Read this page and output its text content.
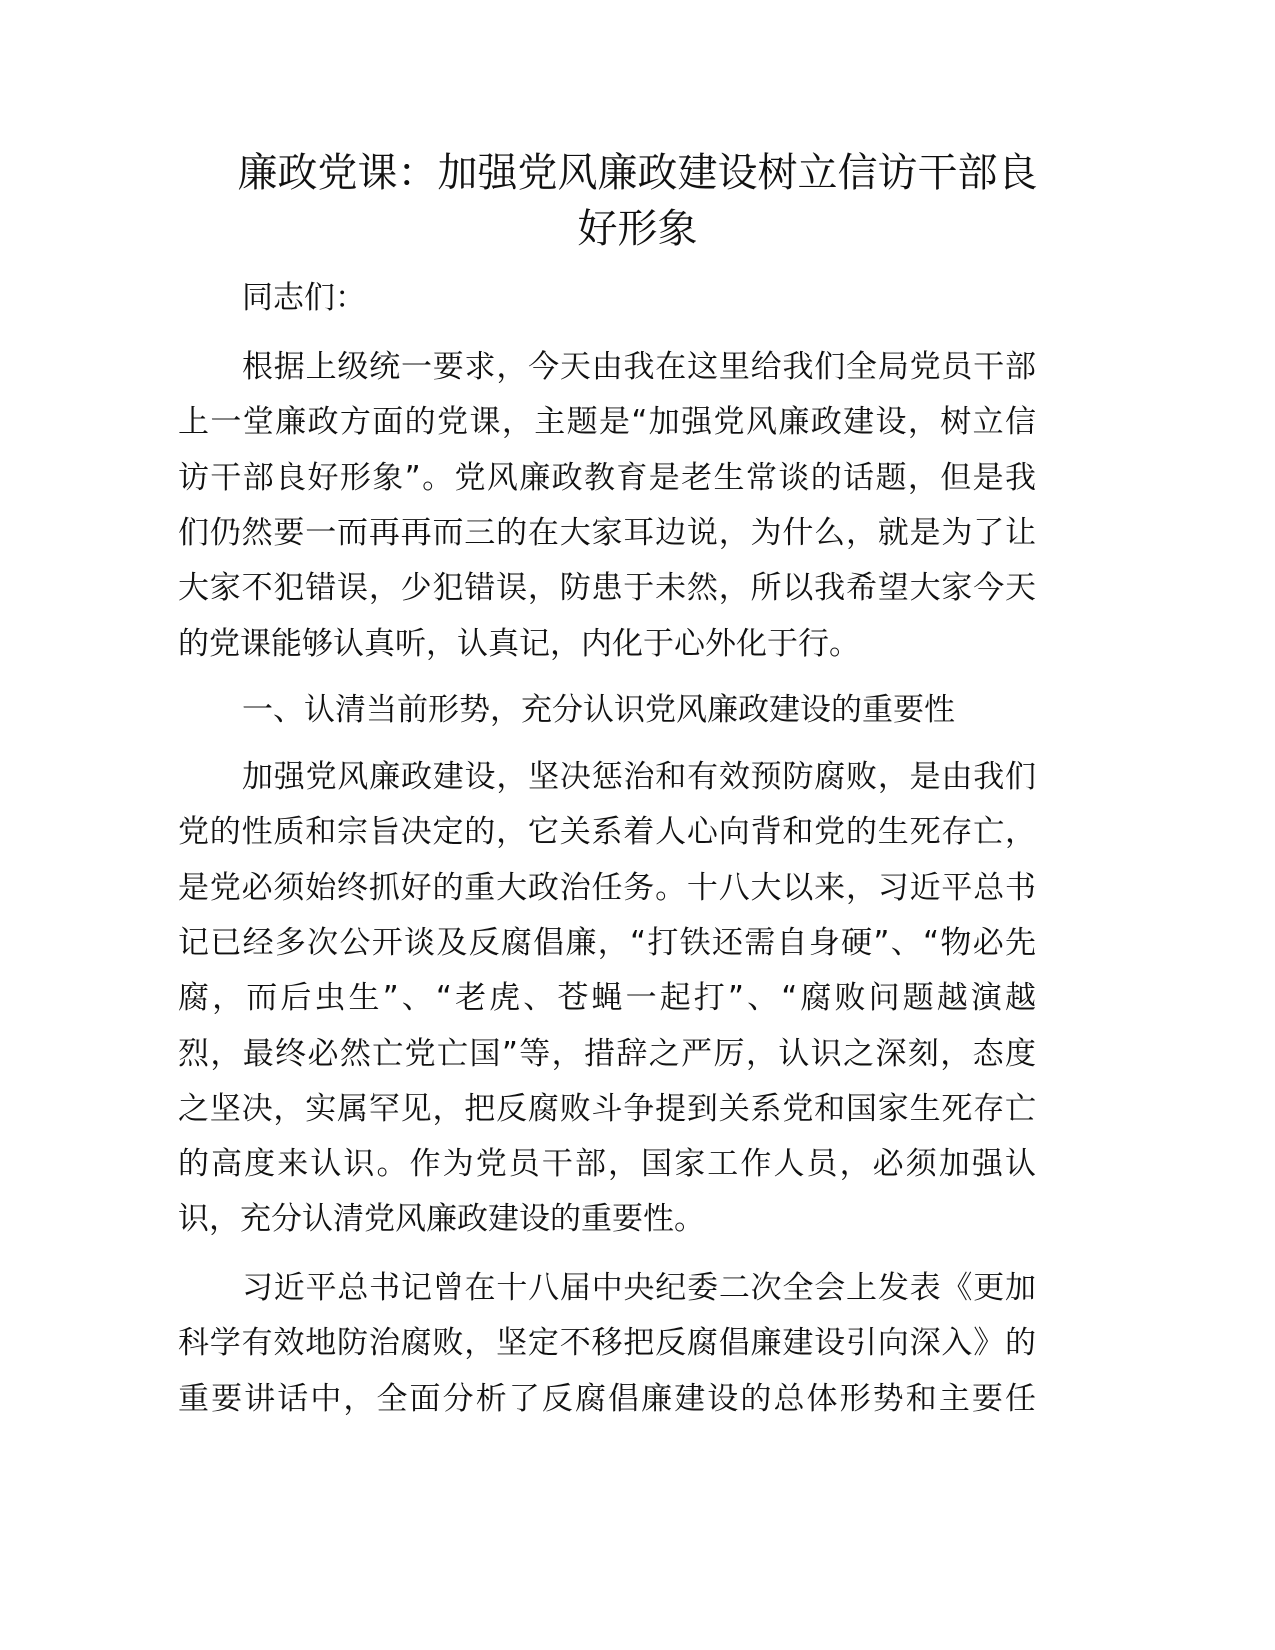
廉政党课：加强党风廉政建设树立信访干部良
好形象
同志们：
根据上级统一要求，今天由我在这里给我们全局党员干部
上一堂廉政方面的党课，主题是“加强党风廉政建设，树立信
访干部良好形象”。党风廉政教育是老生常谈的话题，但是我
们仍然要一而再再而三的在大家耳边说，为什么，就是为了让
大家不犯错误，少犯错误，防患于未然，所以我希望大家今天
的党课能够认真听，认真记，内化于心外化于行。
一、认清当前形势，充分认识党风廉政建设的重要性
加强党风廉政建设，坚决惩治和有效预防腐败，是由我们
党的性质和宗旨决定的，它关系着人心向背和党的生死存亡，
是党必须始终抓好的重大政治任务。十八大以来，习近平总书
记已经多次公开谈及反腐倡廉，“打铁还需自身硬”、“物必先
腐，而后虫生”、“老虎、苍蝇一起打”、“腐败问题越演越
烈，最终必然亡党亡国”等，措辞之严厉，认识之深刻，态度
之坚决，实属罕见，把反腐败斗争提到关系党和国家生死存亡
的高度来认识。作为党员干部，国家工作人员，必须加强认
识，充分认清党风廉政建设的重要性。
习近平总书记曾在十八届中央纪委二次全会上发表《更加
科学有效地防治腐败，坚定不移把反腐倡廉建设引向深入》的
重要讲话中，全面分析了反腐倡廉建设的总体形势和主要任
